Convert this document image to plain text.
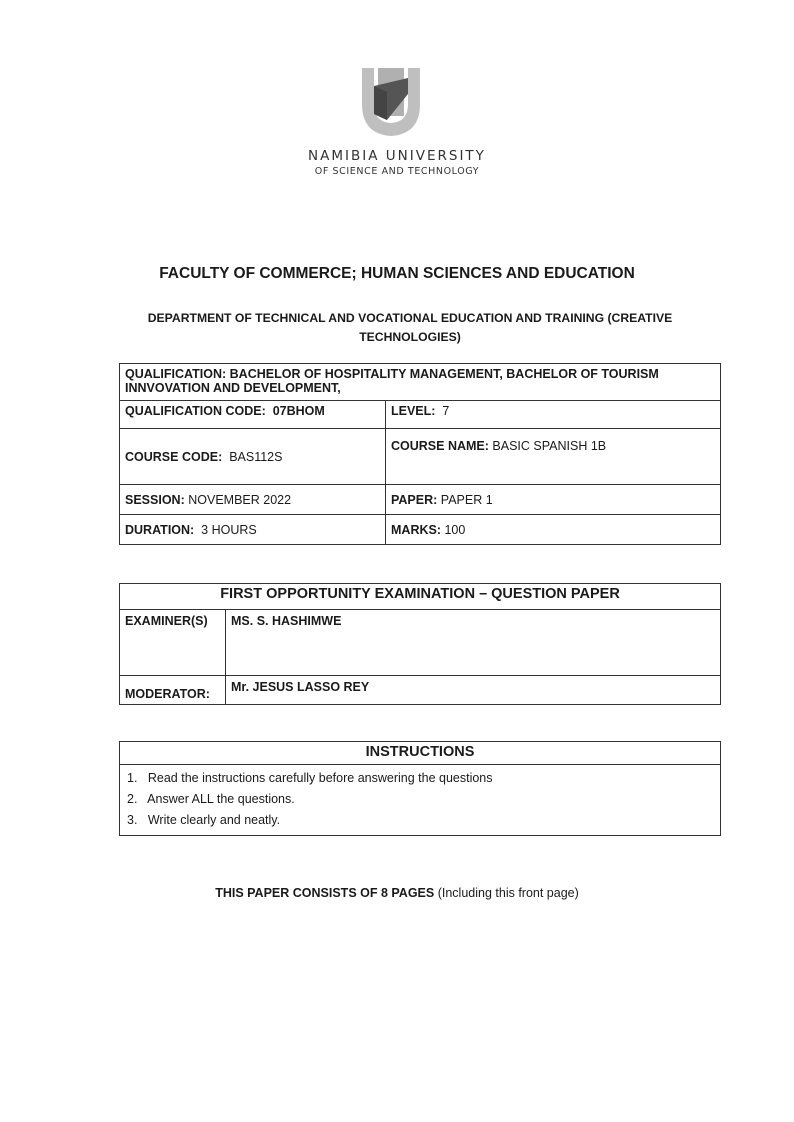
NAMIBIA UNIVERSITY
OF SCIENCE AND TECHNOLOGY
FACULTY OF COMMERCE; HUMAN SCIENCES AND EDUCATION
DEPARTMENT OF TECHNICAL AND VOCATIONAL EDUCATION AND TRAINING (CREATIVE TECHNOLOGIES)
QUALIFICATION: BACHELOR OF HOSPITALITY MANAGEMENT, BACHELOR OF TOURISM INNVOVATION AND DEVELOPMENT,	
QUALIFICATION CODE: 07BHOM	LEVEL: 7
COURSE CODE: BAS112S	COURSE NAME: BASIC SPANISH 1B
SESSION: NOVEMBER 2022	PAPER: PAPER 1
DURATION: 3 HOURS	MARKS: 100
FIRST OPPORTUNITY EXAMINATION – QUESTION PAPER	
EXAMINER(S)	MS. S. HASHIMWE
MODERATOR:	Mr. JESUS LASSO REY
INSTRUCTIONS

1. Read the instructions carefully before answering the questions
2. Answer ALL the questions.
3. Write clearly and neatly.
THIS PAPER CONSISTS OF 8 PAGES (Including this front page)
